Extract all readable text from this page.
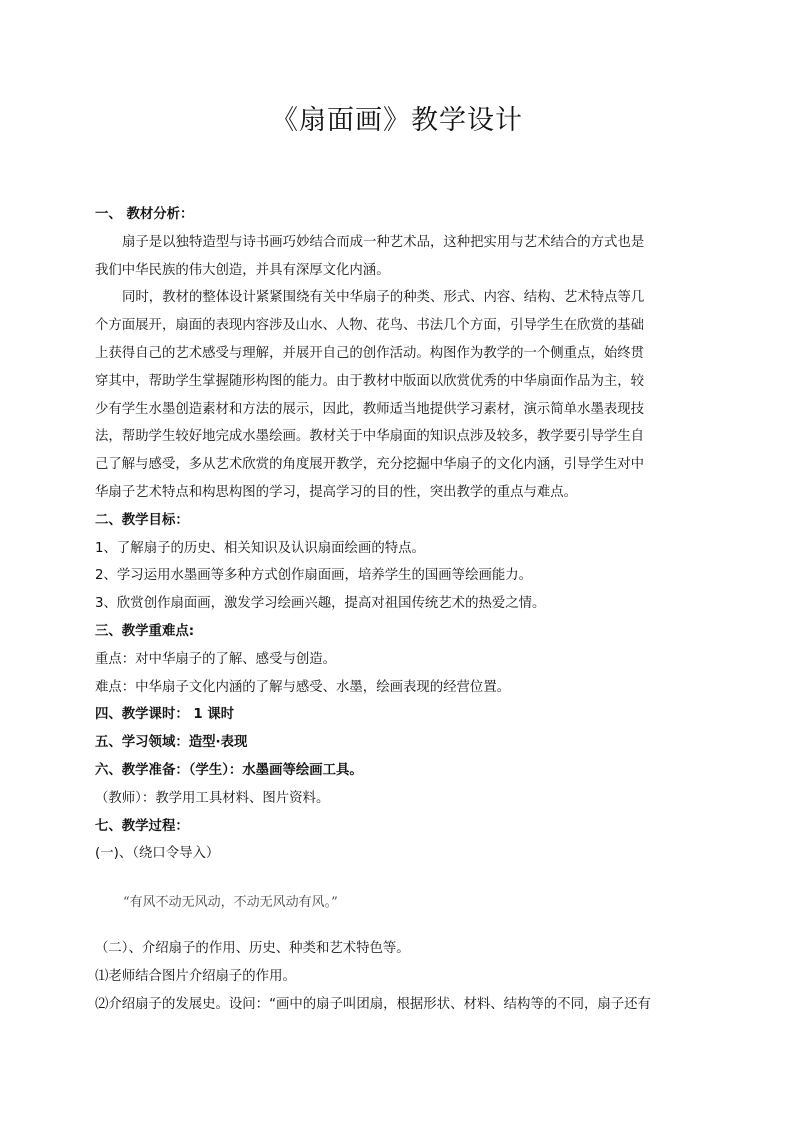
《扇面画》教学设计
一、 教材分析：
扇子是以独特造型与诗书画巧妙结合而成一种艺术品，这种把实用与艺术结合的方式也是
我们中华民族的伟大创造，并具有深厚文化内涵。
同时，教材的整体设计紧紧围绕有关中华扇子的种类、形式、内容、结构、艺术特点等几
个方面展开，扇面的表现内容涉及山水、人物、花鸟、书法几个方面，引导学生在欣赏的基础
上获得自己的艺术感受与理解，并展开自己的创作活动。构图作为教学的一个侧重点，始终贯
穿其中，帮助学生掌握随形构图的能力。由于教材中版面以欣赏优秀的中华扇面作品为主，较
少有学生水墨创造素材和方法的展示，因此，教师适当地提供学习素材，演示简单水墨表现技
法，帮助学生较好地完成水墨绘画。教材关于中华扇面的知识点涉及较多，教学要引导学生自
己了解与感受，多从艺术欣赏的角度展开教学，充分挖掘中华扇子的文化内涵，引导学生对中
华扇子艺术特点和构思构图的学习，提高学习的目的性，突出教学的重点与难点。
二、教学目标：
1、了解扇子的历史、相关知识及认识扇面绘画的特点。
2、学习运用水墨画等多种方式创作扇面画，培养学生的国画等绘画能力。
3、欣赏创作扇面画，激发学习绘画兴趣，提高对祖国传统艺术的热爱之情。
三、教学重难点:
重点：对中华扇子的了解、感受与创造。
难点：中华扇子文化内涵的了解与感受、水墨，绘画表现的经营位置。
四、教学课时： 1 课时
五、学习领域：造型·表现
六、教学准备：（学生）：水墨画等绘画工具。
（教师）：教学用工具材料、图片资料。
七、教学过程：
(一)、（绕口令导入）
“有风不动无风动，不动无风动有风。”
（二）、介绍扇子的作用、历史、种类和艺术特色等。
⑴老师结合图片介绍扇子的作用。
⑵介绍扇子的发展史。设问：“画中的扇子叫团扇，根据形状、材料、结构等的不同，扇子还有
